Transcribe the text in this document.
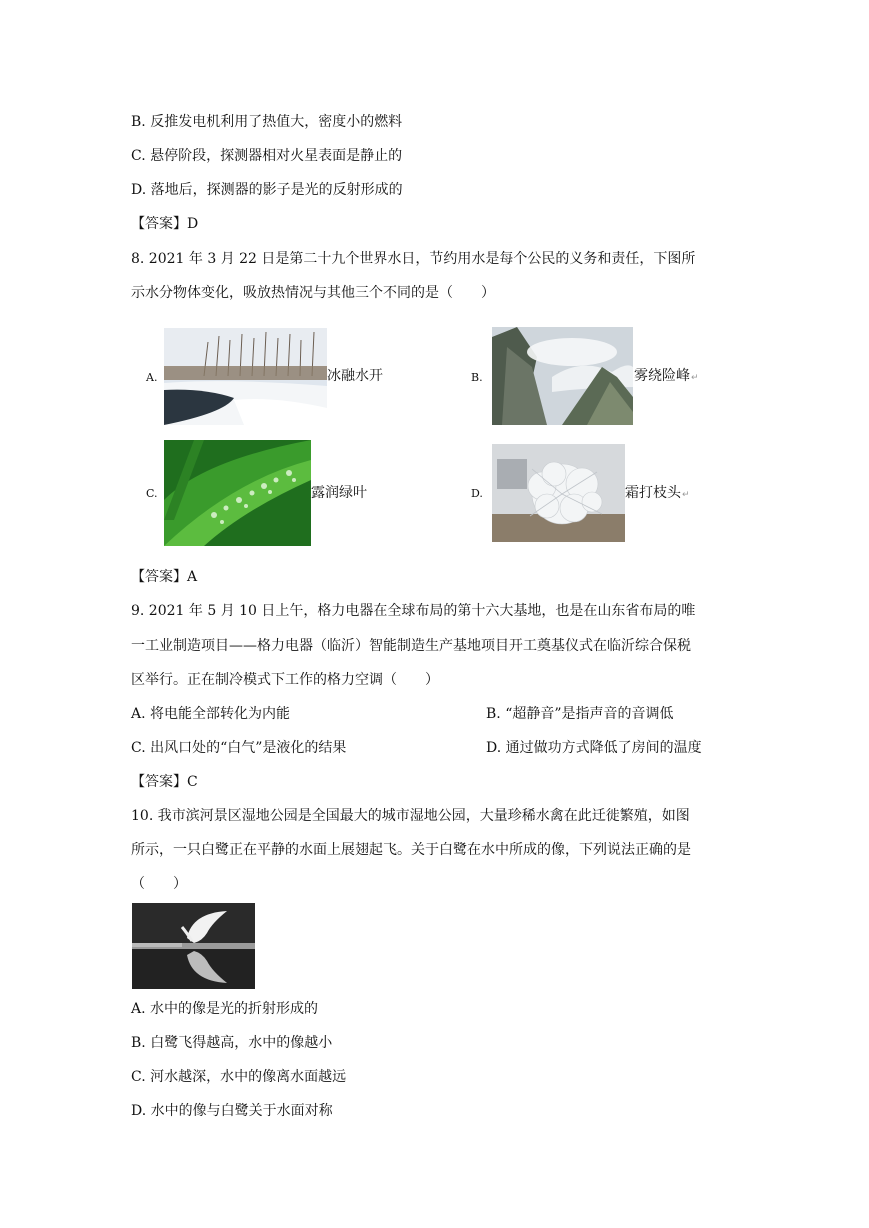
B. 反推发电机利用了热值大，密度小的燃料
C. 悬停阶段，探测器相对火星表面是静止的
D. 落地后，探测器的影子是光的反射形成的
【答案】D
8. 2021 年 3 月 22 日是第二十九个世界水日，节约用水是每个公民的义务和责任，下图所
示水分物体变化，吸放热情况与其他三个不同的是（　　）
A.	冰融水开	B.	雾绕险峰↵
C.	露润绿叶	D.	霜打枝头↵
【答案】A
9. 2021 年 5 月 10 日上午，格力电器在全球布局的第十六大基地，也是在山东省布局的唯
一工业制造项目——格力电器（临沂）智能制造生产基地项目开工奠基仪式在临沂综合保税
区举行。正在制冷模式下工作的格力空调（　　）
A. 将电能全部转化为内能	B. “超静音”是指声音的音调低
C. 出风口处的“白气”是液化的结果	D. 通过做功方式降低了房间的温度
【答案】C
10. 我市滨河景区湿地公园是全国最大的城市湿地公园，大量珍稀水禽在此迁徙繁殖，如图
所示，一只白鹭正在平静的水面上展翅起飞。关于白鹭在水中所成的像，下列说法正确的是
（　　）
A. 水中的像是光的折射形成的
B. 白鹭飞得越高，水中的像越小
C. 河水越深，水中的像离水面越远
D. 水中的像与白鹭关于水面对称
